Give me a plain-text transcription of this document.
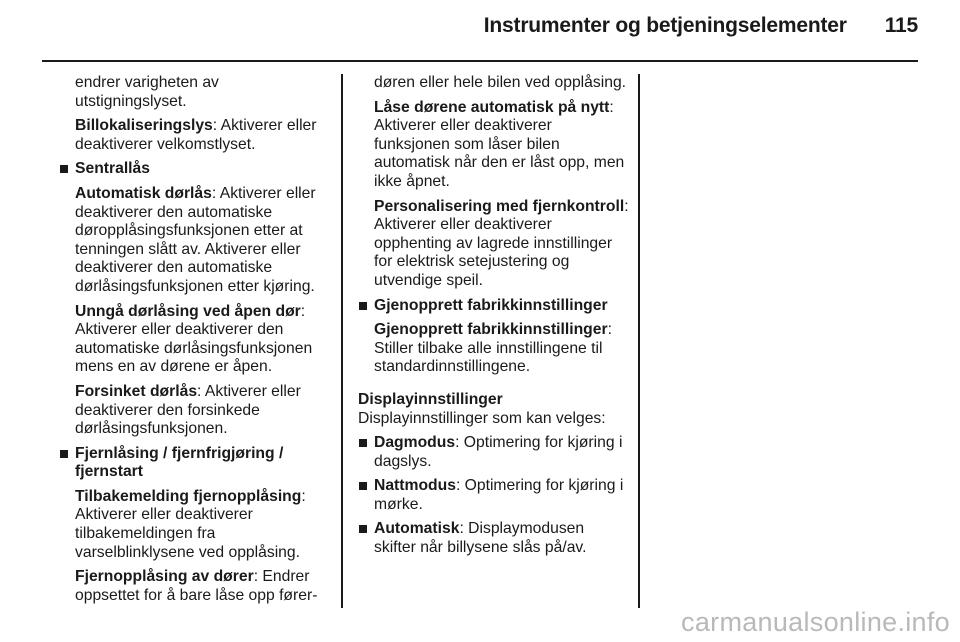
Instrumenter og betjeningselementer 115

endrer varigheten av utstigningslyset.

Billokaliseringslys: Aktiverer eller deaktiverer velkomstlyset.

Sentrallås

Automatisk dørlås: Aktiverer eller deaktiverer den automatiske døropplåsingsfunksjonen etter at tenningen slått av. Aktiverer eller deaktiverer den automatiske dørlåsingsfunksjonen etter kjøring.

Unngå dørlåsing ved åpen dør: Aktiverer eller deaktiverer den automatiske dørlåsingsfunksjonen mens en av dørene er åpen.

Forsinket dørlås: Aktiverer eller deaktiverer den forsinkede dørlåsingsfunksjonen.

Fjernlåsing / fjernfrigjøring / fjernstart

Tilbakemelding fjernopplåsing: Aktiverer eller deaktiverer tilbakemeldingen fra varselblinklysene ved opplåsing.

Fjernopplåsing av dører: Endrer oppsettet for å bare låse opp fører-

døren eller hele bilen ved opplåsing.

Låse dørene automatisk på nytt: Aktiverer eller deaktiverer funksjonen som låser bilen automatisk når den er låst opp, men ikke åpnet.

Personalisering med fjernkontroll: Aktiverer eller deaktiverer opphenting av lagrede innstillinger for elektrisk setejustering og utvendige speil.

Gjenopprett fabrikkinnstillinger

Gjenopprett fabrikkinnstillinger: Stiller tilbake alle innstillingene til standardinnstillingene.

Displayinnstillinger

Displayinnstillinger som kan velges:

Dagmodus: Optimering for kjøring i dagslys.
Nattmodus: Optimering for kjøring i mørke.
Automatisk: Displaymodusen skifter når billysene slås på/av.
carmanualsonline.info
